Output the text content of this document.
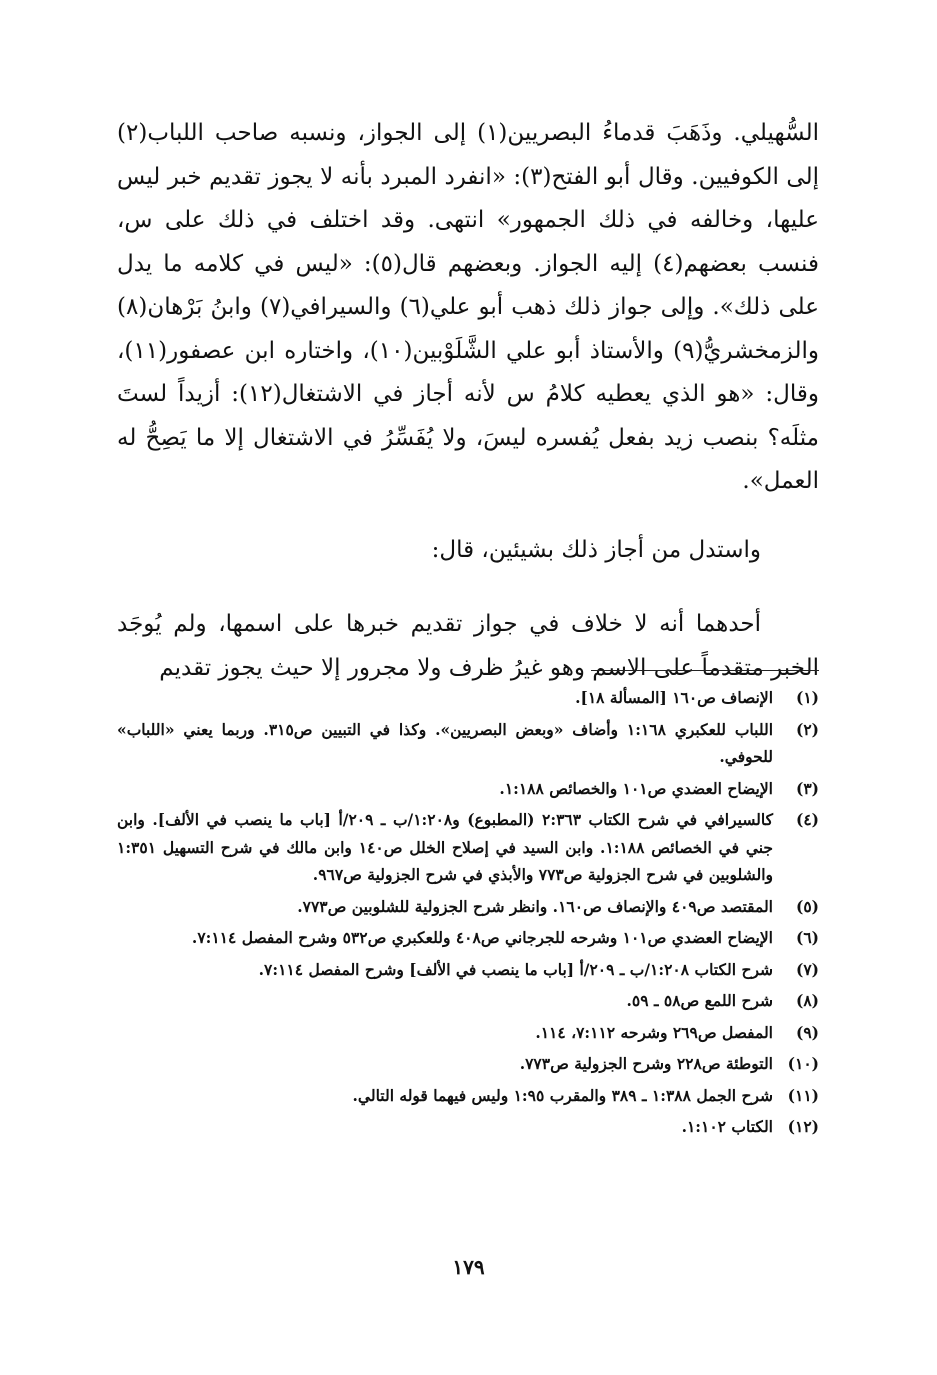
السُّهيلي. وذَهَبَ قدماءُ البصريين(١) إلى الجواز، ونسبه صاحب اللباب(٢) إلى الكوفيين. وقال أبو الفتح(٣): «انفرد المبرد بأنه لا يجوز تقديم خبر ليس عليها، وخالفه في ذلك الجمهور» انتهى. وقد اختلف في ذلك على س، فنسب بعضهم(٤) إليه الجواز. وبعضهم قال(٥): «ليس في كلامه ما يدل على ذلك». وإلى جواز ذلك ذهب أبو علي(٦) والسيرافي(٧) وابنُ بَرْهان(٨) والزمخشريُّ(٩) والأستاذ أبو علي الشَّلَوْبين(١٠)، واختاره ابن عصفور(١١)، وقال: «هو الذي يعطيه كلامُ س لأنه أجاز في الاشتغال(١٢): أزيداً لستَ مثلَه؟ بنصب زيد بفعل يُفسره ليسَ، ولا يُفَسِّرُ في الاشتغال إلا ما يَصِحُّ له العمل».

واستدل من أجاز ذلك بشيئين، قال:

أحدهما أنه لا خلاف في جواز تقديم خبرها على اسمها، ولم يُوجَد الخبر متقدماً على الاسم وهو غيرُ ظرف ولا مجرور إلا حيث يجوز تقديم

(١)
الإنصاف ص١٦٠ [المسألة ١٨].
(٢)
اللباب للعكبري ١:١٦٨ وأضاف «وبعض البصريين». وكذا في التبيين ص٣١٥. وربما يعني «اللباب» للحوفي.
(٣)
الإيضاح العضدي ص١٠١ والخصائص ١:١٨٨.
(٤)
كالسيرافي في شرح الكتاب ٢:٣٦٣ (المطبوع) و١:٢٠٨/ب ـ ٢٠٩/أ [باب ما ينصب في الألف]. وابن جني في الخصائص ١:١٨٨. وابن السيد في إصلاح الخلل ص١٤٠ وابن مالك في شرح التسهيل ١:٣٥١ والشلوبين في شرح الجزولية ص٧٧٣ والأبذي في شرح الجزولية ص٩٦٧.
(٥)
المقتصد ص٤٠٩ والإنصاف ص١٦٠. وانظر شرح الجزولية للشلوبين ص٧٧٣.
(٦)
الإيضاح العضدي ص١٠١ وشرحه للجرجاني ص٤٠٨ وللعكبري ص٥٣٢ وشرح المفصل ٧:١١٤.
(٧)
شرح الكتاب ١:٢٠٨/ب ـ ٢٠٩/أ [باب ما ينصب في الألف] وشرح المفصل ٧:١١٤.
(٨)
شرح اللمع ص٥٨ ـ ٥٩.
(٩)
المفصل ص٢٦٩ وشرحه ٧:١١٢، ١١٤.
(١٠)
التوطئة ص٢٢٨ وشرح الجزولية ص٧٧٣.
(١١)
شرح الجمل ١:٣٨٨ ـ ٣٨٩ والمقرب ١:٩٥ وليس فيهما قوله التالي.
(١٢)
الكتاب ١:١٠٢.
١٧٩
